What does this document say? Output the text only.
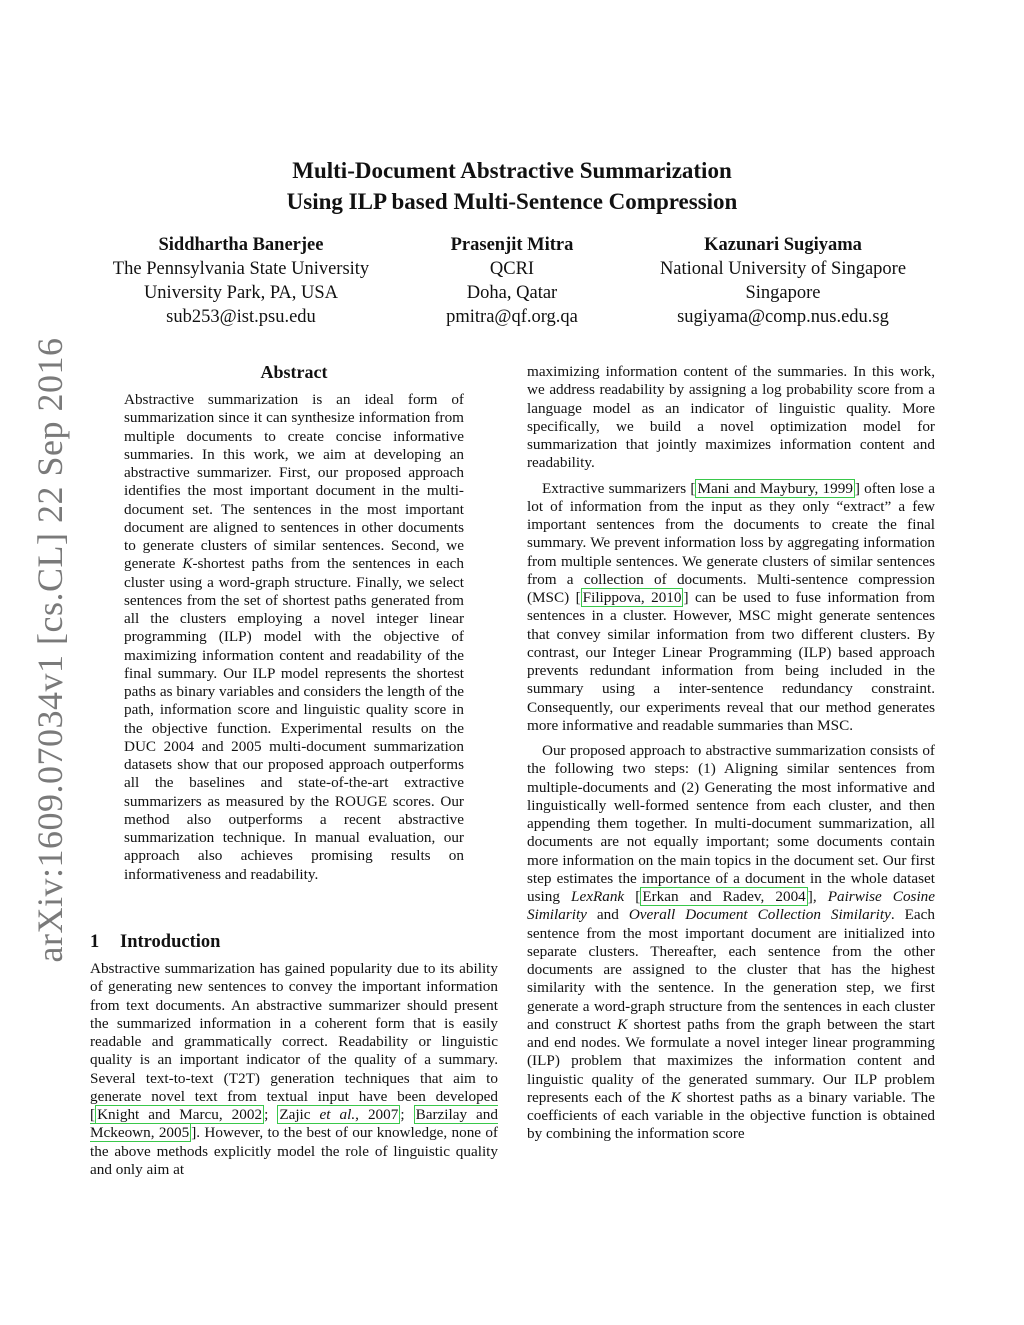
arXiv:1609.07034v1 [cs.CL] 22 Sep 2016
Multi-Document Abstractive Summarization
Using ILP based Multi-Sentence Compression
Siddhartha Banerjee
The Pennsylvania State University
University Park, PA, USA
sub253@ist.psu.edu
Prasenjit Mitra
QCRI
Doha, Qatar
pmitra@qf.org.qa
Kazunari Sugiyama
National University of Singapore
Singapore
sugiyama@comp.nus.edu.sg
Abstract

Abstractive summarization is an ideal form of summarization since it can synthesize information from multiple documents to create concise informative summaries. In this work, we aim at developing an abstractive summarizer. First, our proposed approach identifies the most important document in the multi-document set. The sentences in the most important document are aligned to sentences in other documents to generate clusters of similar sentences. Second, we generate K-shortest paths from the sentences in each cluster using a word-graph structure. Finally, we select sentences from the set of shortest paths generated from all the clusters employing a novel integer linear programming (ILP) model with the objective of maximizing information content and readability of the final summary. Our ILP model represents the shortest paths as binary variables and considers the length of the path, information score and linguistic quality score in the objective function. Experimental results on the DUC 2004 and 2005 multi-document summarization datasets show that our proposed approach outperforms all the baselines and state-of-the-art extractive summarizers as measured by the ROUGE scores. Our method also outperforms a recent abstractive summarization technique. In manual evaluation, our approach also achieves promising results on informativeness and readability.

1 Introduction

Abstractive summarization has gained popularity due to its ability of generating new sentences to convey the important information from text documents. An abstractive summarizer should present the summarized information in a coherent form that is easily readable and grammatically correct. Readability or linguistic quality is an important indicator of the quality of a summary. Several text-to-text (T2T) generation techniques that aim to generate novel text from textual input have been developed [ Knight and Marcu, 2002 ; Zajic et al., 2007 ; Barzilay and Mckeown, 2005 ]. However, to the best of our knowledge, none of the above methods explicitly model the role of linguistic quality and only aim at

maximizing information content of the summaries. In this work, we address readability by assigning a log probability score from a language model as an indicator of linguistic quality. More specifically, we build a novel optimization model for summarization that jointly maximizes information content and readability.

Extractive summarizers [ Mani and Maybury, 1999 ] often lose a lot of information from the input as they only “extract” a few important sentences from the documents to create the final summary. We prevent information loss by aggregating information from multiple sentences. We generate clusters of similar sentences from a collection of documents. Multi-sentence compression (MSC) [ Filippova, 2010 ] can be used to fuse information from sentences in a cluster. However, MSC might generate sentences that convey similar information from two different clusters. By contrast, our Integer Linear Programming (ILP) based approach prevents redundant information from being included in the summary using a inter-sentence redundancy constraint. Consequently, our experiments reveal that our method generates more informative and readable summaries than MSC.

Our proposed approach to abstractive summarization consists of the following two steps: (1) Aligning similar sentences from multiple-documents and (2) Generating the most informative and linguistically well-formed sentence from each cluster, and then appending them together. In multi-document summarization, all documents are not equally important; some documents contain more information on the main topics in the document set. Our first step estimates the importance of a document in the whole dataset using LexRank [ Erkan and Radev, 2004 ], Pairwise Cosine Similarity and Overall Document Collection Similarity. Each sentence from the most important document are initialized into separate clusters. Thereafter, each sentence from the other documents are assigned to the cluster that has the highest similarity with the sentence. In the generation step, we first generate a word-graph structure from the sentences in each cluster and construct K shortest paths from the graph between the start and end nodes. We formulate a novel integer linear programming (ILP) problem that maximizes the information content and linguistic quality of the generated summary. Our ILP problem represents each of the K shortest paths as a binary variable. The coefficients of each variable in the objective function is obtained by combining the information score
